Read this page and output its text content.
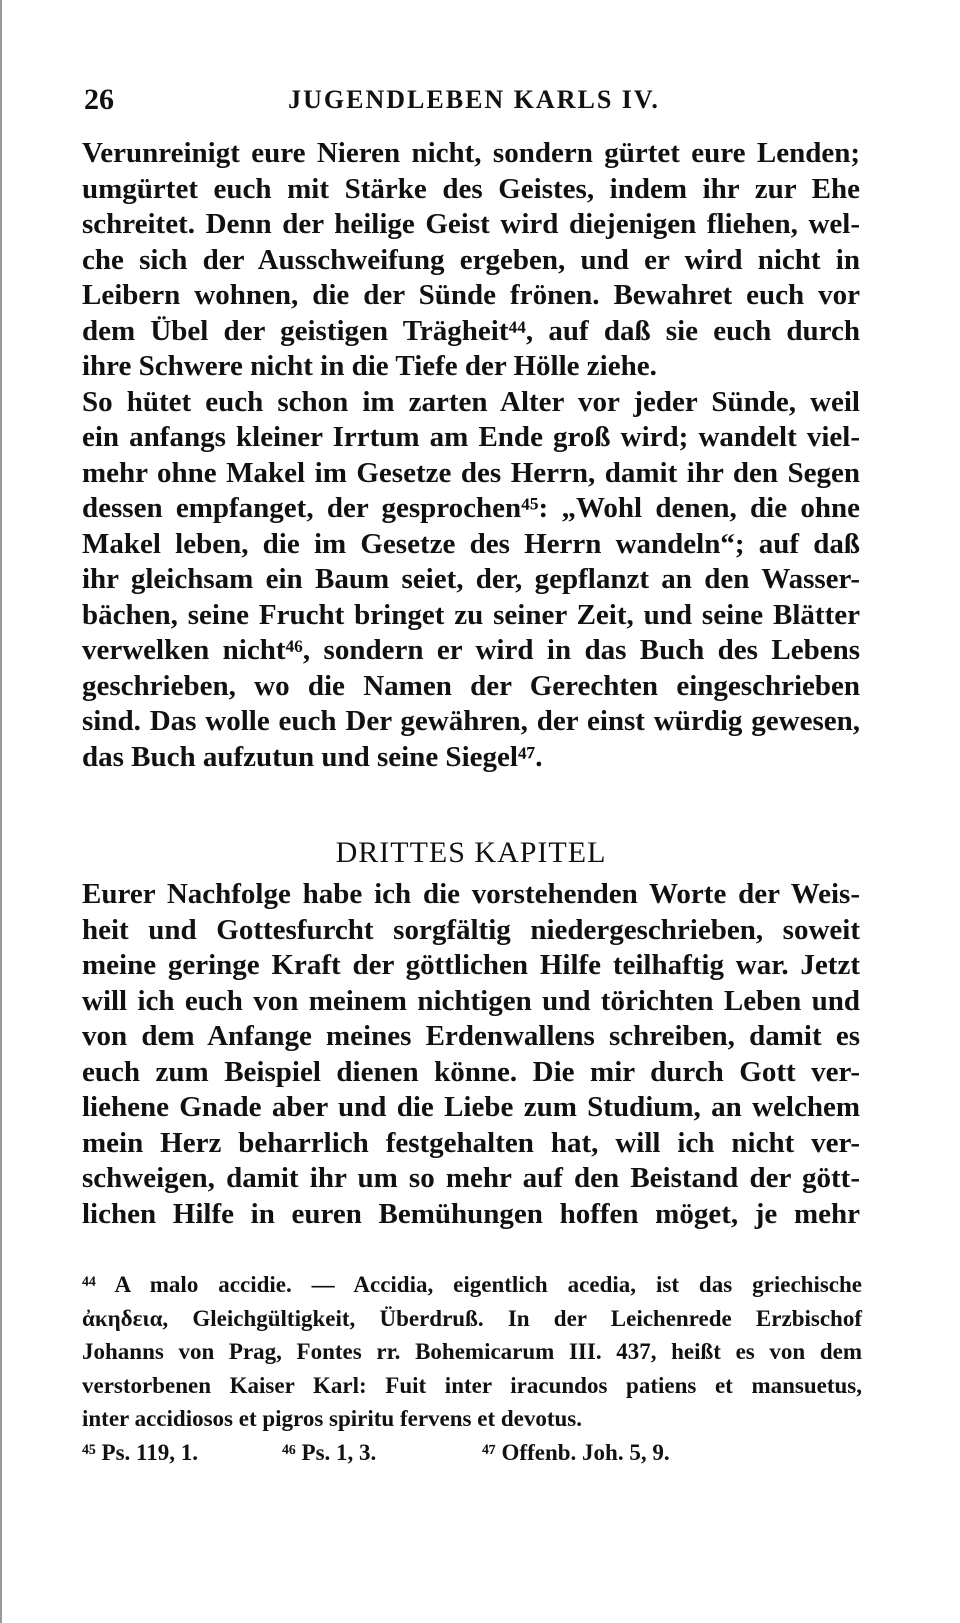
26	JUGENDLEBEN KARLS IV.
Verunreinigt eure Nieren nicht, sondern gürtet eure Lenden;
umgürtet euch mit Stärke des Geistes, indem ihr zur Ehe
schreitet. Denn der heilige Geist wird diejenigen fliehen, wel-
che sich der Ausschweifung ergeben, und er wird nicht in
Leibern wohnen, die der Sünde frönen. Bewahret euch vor
dem Übel der geistigen Trägheit⁴⁴, auf daß sie euch durch
ihre Schwere nicht in die Tiefe der Hölle ziehe.
So hütet euch schon im zarten Alter vor jeder Sünde, weil
ein anfangs kleiner Irrtum am Ende groß wird; wandelt viel-
mehr ohne Makel im Gesetze des Herrn, damit ihr den Segen
dessen empfanget, der gesprochen⁴⁵: „Wohl denen, die ohne
Makel leben, die im Gesetze des Herrn wandeln“; auf daß
ihr gleichsam ein Baum seiet, der, gepflanzt an den Wasser-
bächen, seine Frucht bringet zu seiner Zeit, und seine Blätter
verwelken nicht⁴⁶, sondern er wird in das Buch des Lebens
geschrieben, wo die Namen der Gerechten eingeschrieben
sind. Das wolle euch Der gewähren, der einst würdig gewesen,
das Buch aufzutun und seine Siegel⁴⁷.
DRITTES KAPITEL
Eurer Nachfolge habe ich die vorstehenden Worte der Weis-
heit und Gottesfurcht sorgfältig niedergeschrieben, soweit
meine geringe Kraft der göttlichen Hilfe teilhaftig war. Jetzt
will ich euch von meinem nichtigen und törichten Leben und
von dem Anfange meines Erdenwallens schreiben, damit es
euch zum Beispiel dienen könne. Die mir durch Gott ver-
liehene Gnade aber und die Liebe zum Studium, an welchem
mein Herz beharrlich festgehalten hat, will ich nicht ver-
schweigen, damit ihr um so mehr auf den Beistand der gött-
lichen Hilfe in euren Bemühungen hoffen möget, je mehr
⁴⁴ A malo accidie. — Accidia, eigentlich acedia, ist das griechische
ἀκηδεια, Gleichgültigkeit, Überdruß. In der Leichenrede Erzbischof
Johanns von Prag, Fontes rr. Bohemicarum III. 437, heißt es von dem
verstorbenen Kaiser Karl: Fuit inter iracundos patiens et mansuetus,
inter accidiosos et pigros spiritu fervens et devotus.
⁴⁵ Ps. 119, 1.	⁴⁶ Ps. 1, 3.	⁴⁷ Offenb. Joh. 5, 9.
